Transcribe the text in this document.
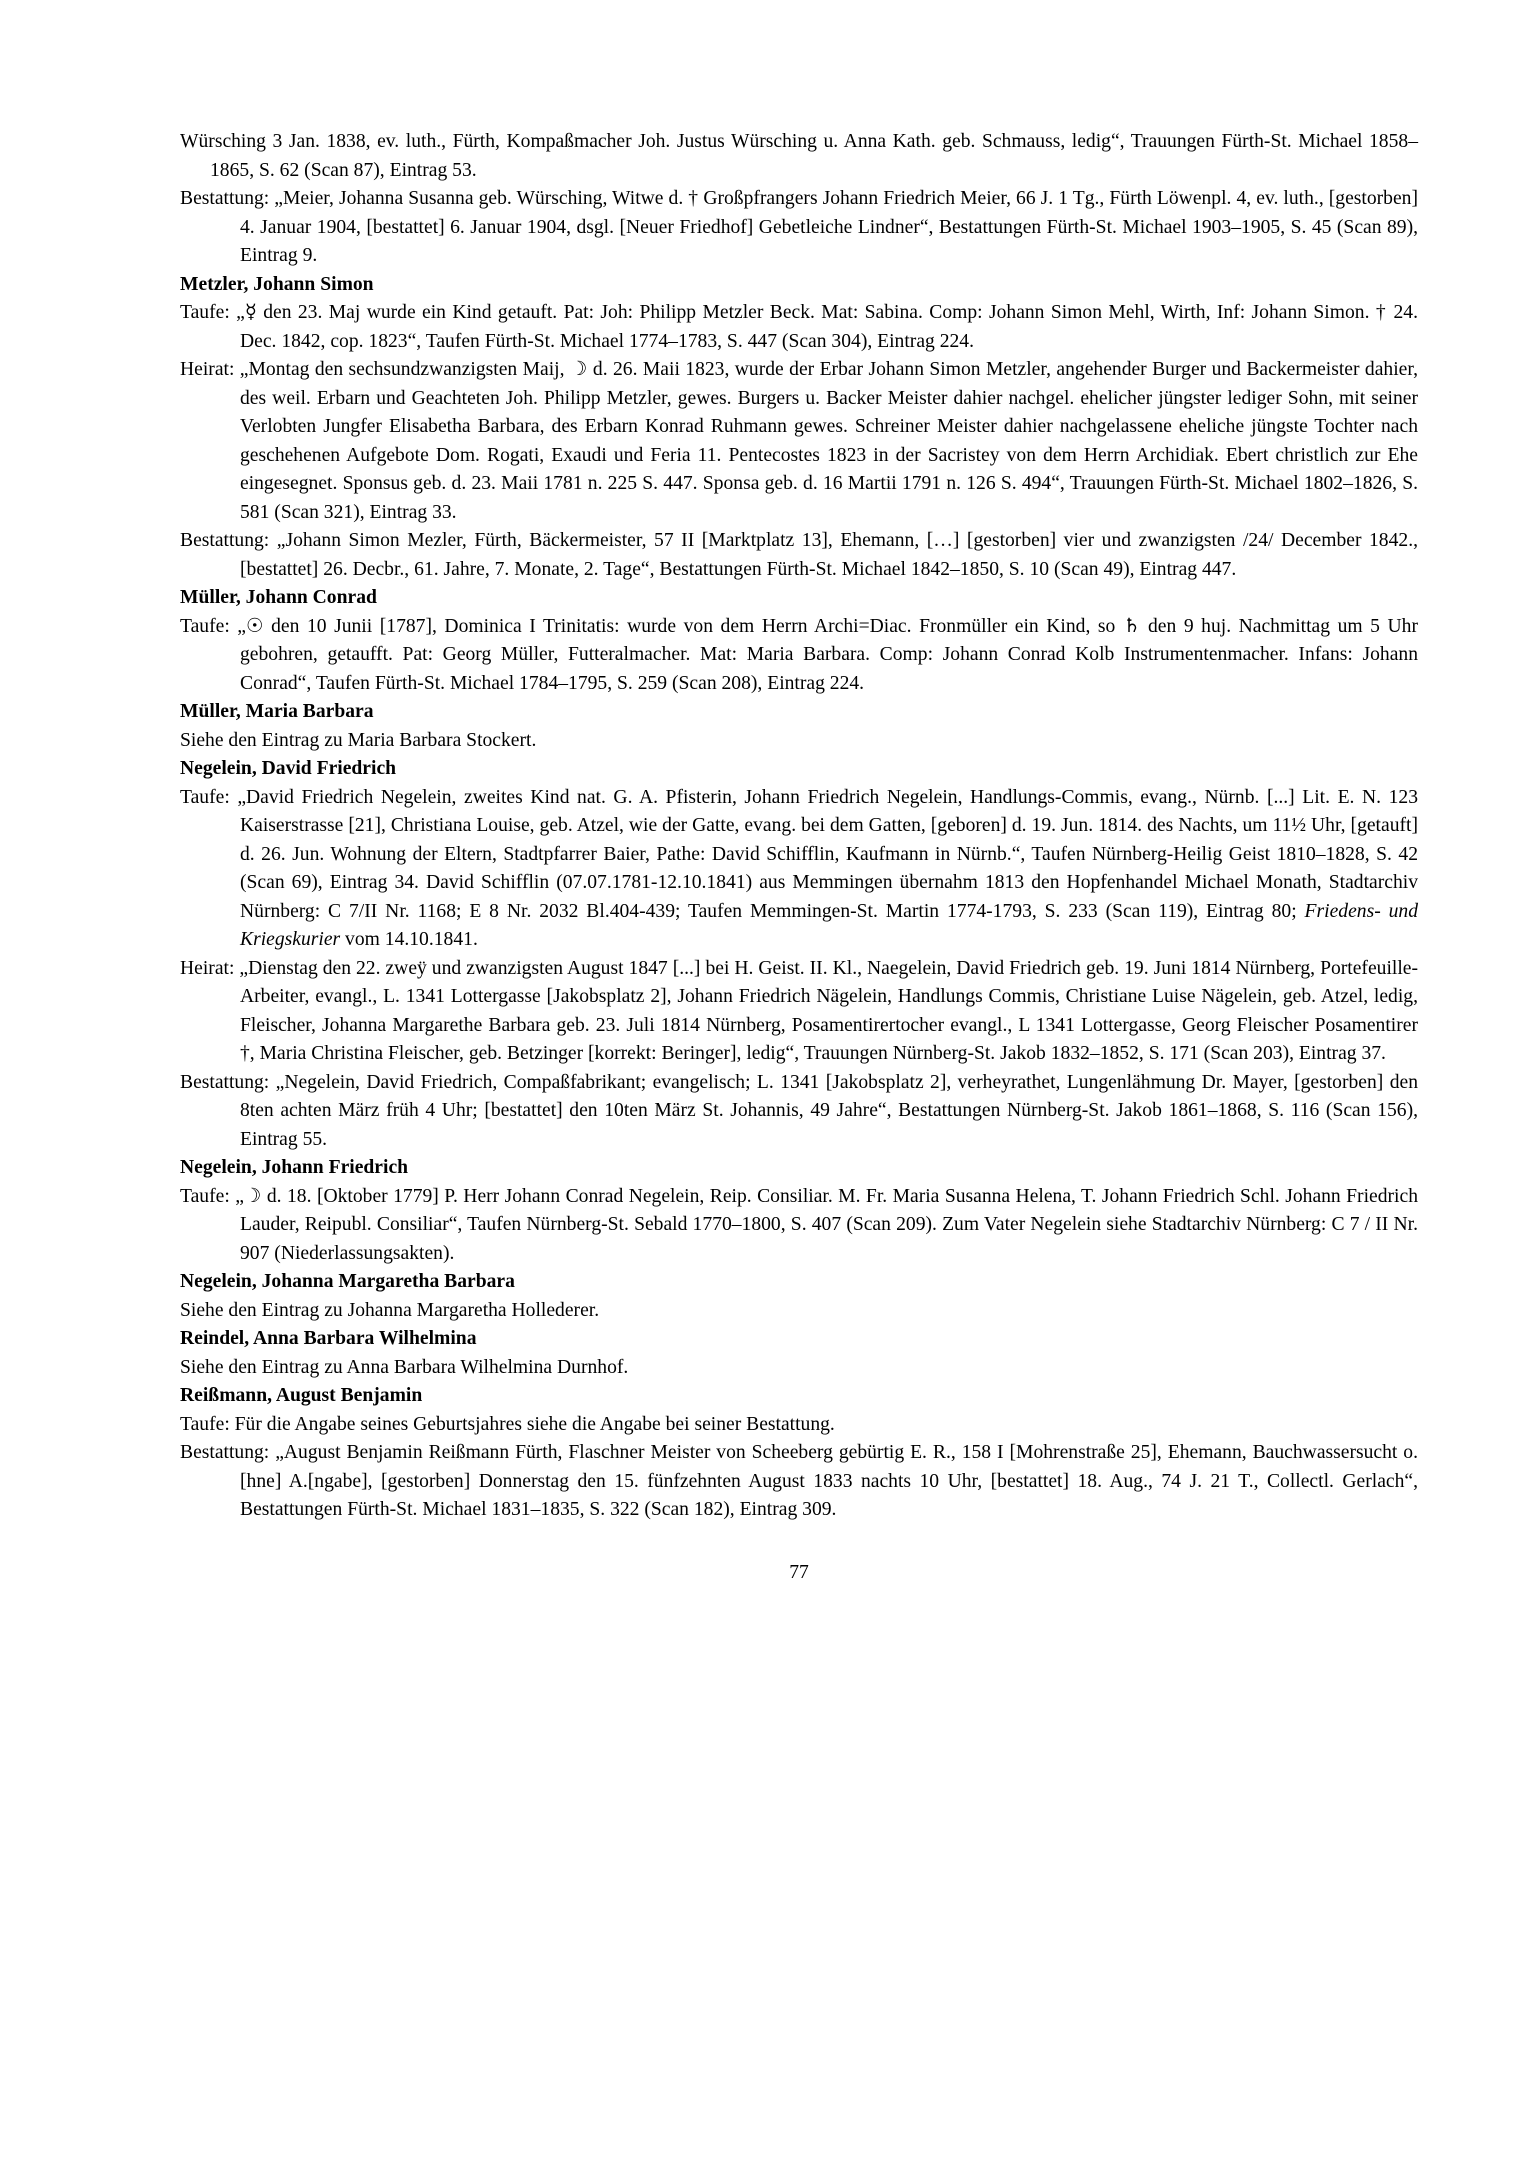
Würsching 3 Jan. 1838, ev. luth., Fürth, Kompaßmacher Joh. Justus Würsching u. Anna Kath. geb. Schmauss, ledig“, Trauungen Fürth-St. Michael 1858–1865, S. 62 (Scan 87), Eintrag 53.

Bestattung: „Meier, Johanna Susanna geb. Würsching, Witwe d. † Großpfrangers Johann Friedrich Meier, 66 J. 1 Tg., Fürth Löwenpl. 4, ev. luth., [gestorben] 4. Januar 1904, [bestattet] 6. Januar 1904, dsgl. [Neuer Friedhof] Gebetleiche Lindner“, Bestattungen Fürth-St. Michael 1903–1905, S. 45 (Scan 89), Eintrag 9.

Metzler, Johann Simon

Taufe: „☿ den 23. Maj wurde ein Kind getauft. Pat: Joh: Philipp Metzler Beck. Mat: Sabina. Comp: Johann Simon Mehl, Wirth, Inf: Johann Simon. † 24. Dec. 1842, cop. 1823“, Taufen Fürth-St. Michael 1774–1783, S. 447 (Scan 304), Eintrag 224.

Heirat: „Montag den sechsundzwanzigsten Maij, ☽ d. 26. Maii 1823, wurde der Erbar Johann Simon Metzler, angehender Burger und Backermeister dahier, des weil. Erbarn und Geachteten Joh. Philipp Metzler, gewes. Burgers u. Backer Meister dahier nachgel. ehelicher jüngster lediger Sohn, mit seiner Verlobten Jungfer Elisabetha Barbara, des Erbarn Konrad Ruhmann gewes. Schreiner Meister dahier nachgelassene eheliche jüngste Tochter nach geschehenen Aufgebote Dom. Rogati, Exaudi und Feria 11. Pentecostes 1823 in der Sacristey von dem Herrn Archidiak. Ebert christlich zur Ehe eingesegnet. Sponsus geb. d. 23. Maii 1781 n. 225 S. 447. Sponsa geb. d. 16 Martii 1791 n. 126 S. 494“, Trauungen Fürth-St. Michael 1802–1826, S. 581 (Scan 321), Eintrag 33.

Bestattung: „Johann Simon Mezler, Fürth, Bäckermeister, 57 II [Marktplatz 13], Ehemann, […] [gestorben] vier und zwanzigsten /24/ December 1842., [bestattet] 26. Decbr., 61. Jahre, 7. Monate, 2. Tage“, Bestattungen Fürth-St. Michael 1842–1850, S. 10 (Scan 49), Eintrag 447.

Müller, Johann Conrad

Taufe: „☉ den 10 Junii [1787], Dominica I Trinitatis: wurde von dem Herrn Archi=Diac. Fronmüller ein Kind, so ♄ den 9 huj. Nachmittag um 5 Uhr gebohren, getaufft. Pat: Georg Müller, Futteralmacher. Mat: Maria Barbara. Comp: Johann Conrad Kolb Instrumentenmacher. Infans: Johann Conrad“, Taufen Fürth-St. Michael 1784–1795, S. 259 (Scan 208), Eintrag 224.

Müller, Maria Barbara

Siehe den Eintrag zu Maria Barbara Stockert.

Negelein, David Friedrich

Taufe: „David Friedrich Negelein, zweites Kind nat. G. A. Pfisterin, Johann Friedrich Negelein, Handlungs-Commis, evang., Nürnb. [...] Lit. E. N. 123 Kaiserstrasse [21], Christiana Louise, geb. Atzel, wie der Gatte, evang. bei dem Gatten, [geboren] d. 19. Jun. 1814. des Nachts, um 11½ Uhr, [getauft] d. 26. Jun. Wohnung der Eltern, Stadtpfarrer Baier, Pathe: David Schifflin, Kaufmann in Nürnb.“, Taufen Nürnberg-Heilig Geist 1810–1828, S. 42 (Scan 69), Eintrag 34. David Schifflin (07.07.1781-12.10.1841) aus Memmingen übernahm 1813 den Hopfenhandel Michael Monath, Stadtarchiv Nürnberg: C 7/II Nr. 1168; E 8 Nr. 2032 Bl.404-439; Taufen Memmingen-St. Martin 1774-1793, S. 233 (Scan 119), Eintrag 80; Friedens- und Kriegskurier vom 14.10.1841.

Heirat: „Dienstag den 22. zweÿ und zwanzigsten August 1847 [...] bei H. Geist. II. Kl., Naegelein, David Friedrich geb. 19. Juni 1814 Nürnberg, Portefeuille-Arbeiter, evangl., L. 1341 Lottergasse [Jakobsplatz 2], Johann Friedrich Nägelein, Handlungs Commis, Christiane Luise Nägelein, geb. Atzel, ledig, Fleischer, Johanna Margarethe Barbara geb. 23. Juli 1814 Nürnberg, Posamentirertocher evangl., L 1341 Lottergasse, Georg Fleischer Posamentirer †, Maria Christina Fleischer, geb. Betzinger [korrekt: Beringer], ledig“, Trauungen Nürnberg-St. Jakob 1832–1852, S. 171 (Scan 203), Eintrag 37.

Bestattung: „Negelein, David Friedrich, Compaßfabrikant; evangelisch; L. 1341 [Jakobsplatz 2], verheyrathet, Lungenlähmung Dr. Mayer, [gestorben] den 8ten achten März früh 4 Uhr; [bestattet] den 10ten März St. Johannis, 49 Jahre“, Bestattungen Nürnberg-St. Jakob 1861–1868, S. 116 (Scan 156), Eintrag 55.

Negelein, Johann Friedrich

Taufe: „☽ d. 18. [Oktober 1779] P. Herr Johann Conrad Negelein, Reip. Consiliar. M. Fr. Maria Susanna Helena, T. Johann Friedrich Schl. Johann Friedrich Lauder, Reipubl. Consiliar“, Taufen Nürnberg-St. Sebald 1770–1800, S. 407 (Scan 209). Zum Vater Negelein siehe Stadtarchiv Nürnberg: C 7 / II Nr. 907 (Niederlassungsakten).

Negelein, Johanna Margaretha Barbara

Siehe den Eintrag zu Johanna Margaretha Hollederer.

Reindel, Anna Barbara Wilhelmina

Siehe den Eintrag zu Anna Barbara Wilhelmina Durnhof.

Reißmann, August Benjamin

Taufe: Für die Angabe seines Geburtsjahres siehe die Angabe bei seiner Bestattung.

Bestattung: „August Benjamin Reißmann Fürth, Flaschner Meister von Scheeberg gebürtig E. R., 158 I [Mohrenstraße 25], Ehemann, Bauchwassersucht o.[hne] A.[ngabe], [gestorben] Donnerstag den 15. fünfzehnten August 1833 nachts 10 Uhr, [bestattet] 18. Aug., 74 J. 21 T., Collectl. Gerlach“, Bestattungen Fürth-St. Michael 1831–1835, S. 322 (Scan 182), Eintrag 309.

77
